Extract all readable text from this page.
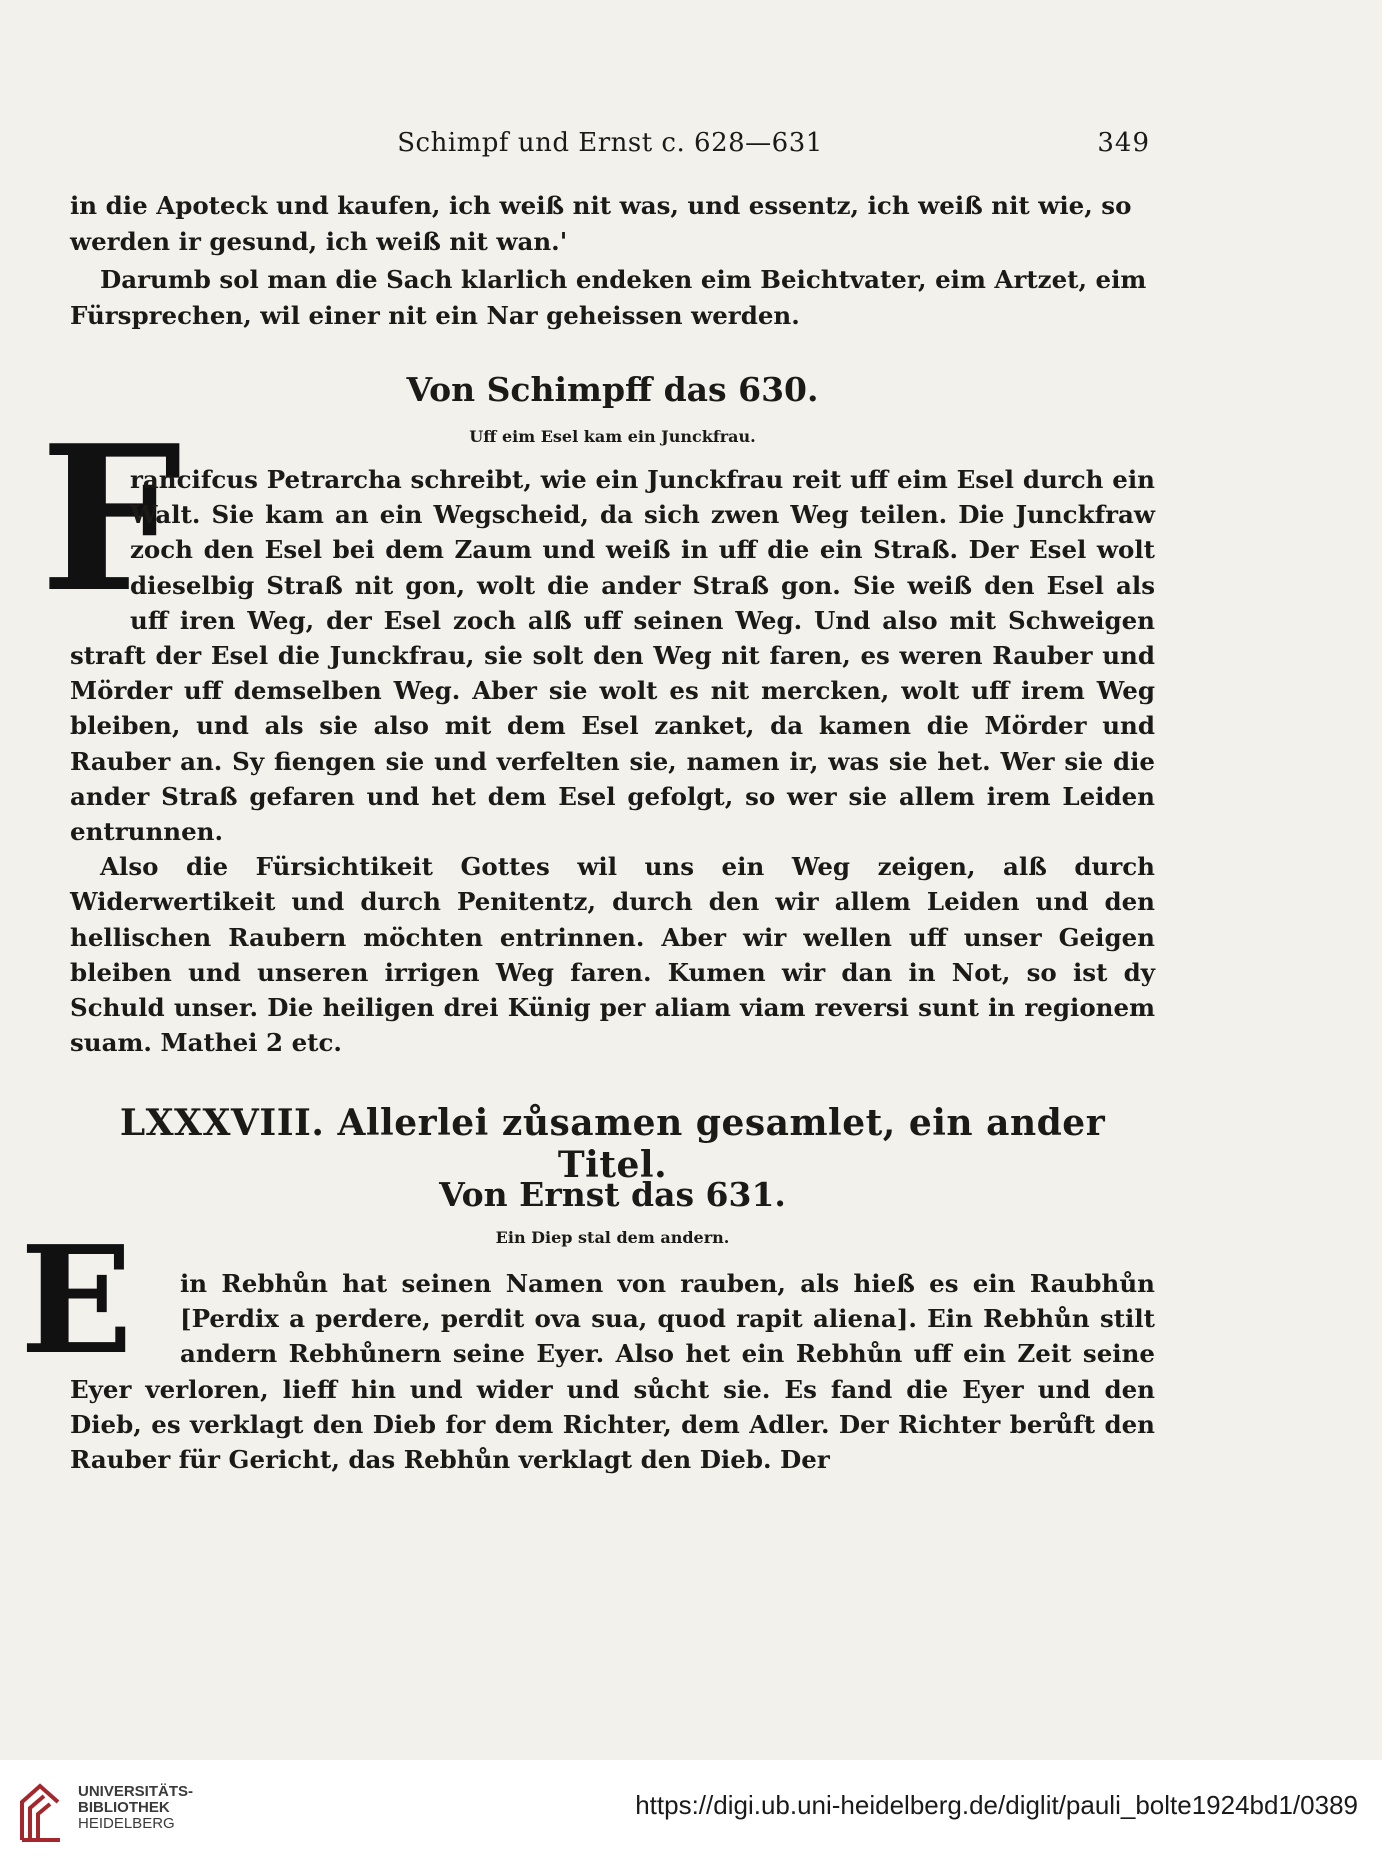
Schimpf und Ernst c. 628—631	349

in die Apoteck und kaufen, ich weiß nit was, und essentz, ich weiß nit wie, so

werden ir gesund, ich weiß nit wan.'

Darumb sol man die Sach klarlich endeken eim Beichtvater, eim Artzet, eim

Fürsprechen, wil einer nit ein Nar geheissen werden.

Von Schimpff das 630.
Uff eim Esel kam ein Junckfrau.
F

rancifcus Petrarcha schreibt, wie ein Junckfrau reit uff eim Esel durch ein Walt. Sie kam an ein Wegscheid, da sich zwen Weg teilen. Die Junckfraw zoch den Esel bei dem Zaum und weiß in uff die ein Straß. Der Esel wolt dieselbig Straß nit gon, wolt die ander Straß gon. Sie weiß den Esel als uff iren Weg, der Esel zoch alß uff seinen Weg. Und also mit Schweigen straft der Esel die Junckfrau, sie solt den Weg nit faren, es weren Rauber und Mörder uff demselben Weg. Aber sie wolt es nit mercken, wolt uff irem Weg bleiben, und als sie also mit dem Esel zanket, da kamen die Mörder und Rauber an. Sy fiengen sie und verfelten sie, namen ir, was sie het. Wer sie die ander Straß gefaren und het dem Esel gefolgt, so wer sie allem irem Leiden entrunnen.

Also die Fürsichtikeit Gottes wil uns ein Weg zeigen, alß durch Widerwertikeit und durch Penitentz, durch den wir allem Leiden und den hellischen Raubern möchten entrinnen. Aber wir wellen uff unser Geigen bleiben und unseren irrigen Weg faren. Kumen wir dan in Not, so ist dy Schuld unser. Die heiligen drei Künig per aliam viam reversi sunt in regionem suam. Mathei 2 etc.

LXXXVIII. Allerlei zůsamen gesamlet, ein ander Titel.
Von Ernst das 631.
Ein Diep stal dem andern.
E	in Rebhůn hat seinen Namen von rauben, als hieß es ein Raubhůn [Perdix a perdere, perdit ova sua, quod rapit aliena]. Ein Rebhůn stilt andern Rebhůnern seine Eyer. Also het ein Rebhůn uff ein Zeit seine Eyer verloren, lieff hin und wider und sůcht sie. Es fand die Eyer und den Dieb, es verklagt den Dieb for dem Richter, dem Adler. Der Richter berůft den Rauber für Gericht, das Rebhůn verklagt den Dieb. Der

UNIVERSITÄTS-
BIBLIOTHEK
HEIDELBERG
https://digi.ub.uni-heidelberg.de/diglit/pauli_bolte1924bd1/0389
